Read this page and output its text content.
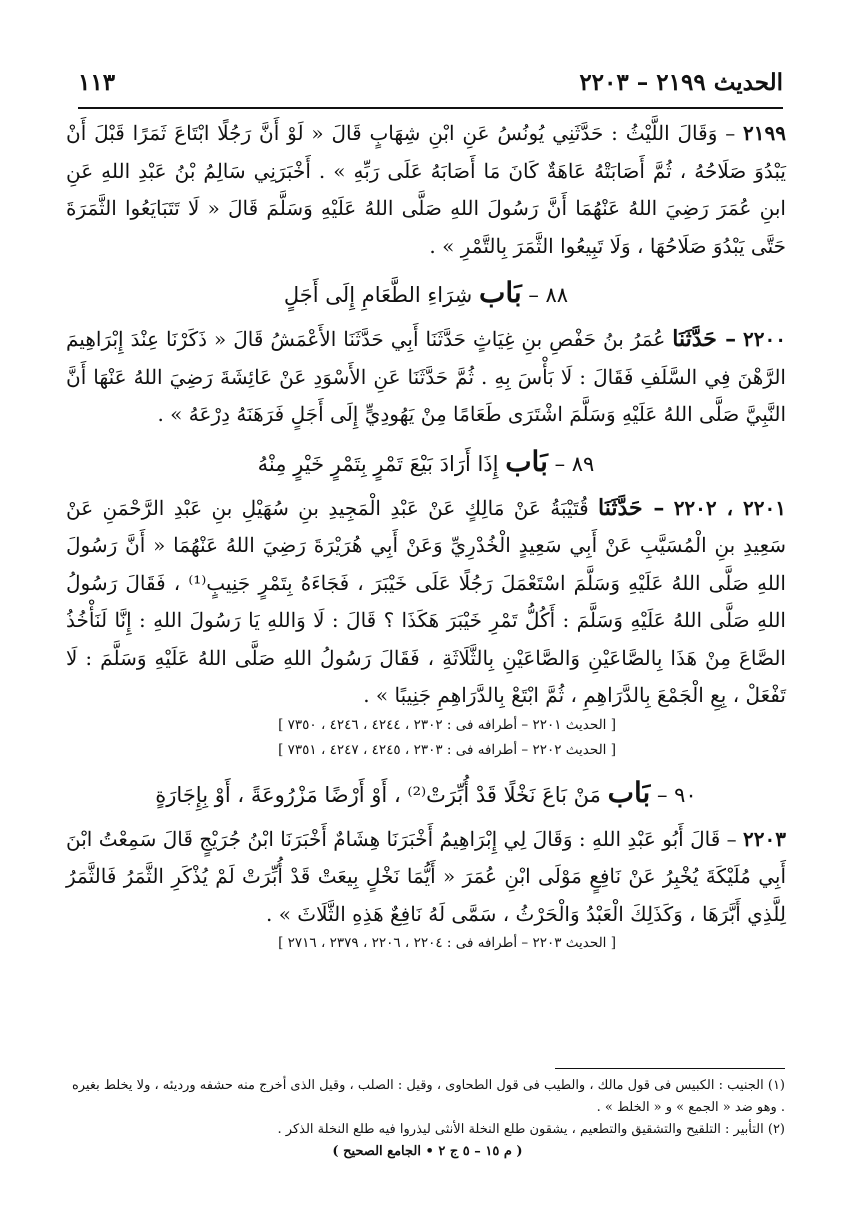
الحديث ٢١٩٩ – ٢٢٠٣
١١٣

٢١٩٩ – وَقَالَ اللَّيْثُ : حَدَّثَنِي يُونُسُ عَنِ ابْنِ شِهَابٍ قَالَ « لَوْ أَنَّ رَجُلًا ابْتَاعَ ثَمَرًا قَبْلَ أَنْ يَبْدُوَ صَلَاحُهُ ، ثُمَّ أَصَابَتْهُ عَاهَةٌ كَانَ مَا أَصَابَهُ عَلَى رَبِّهِ » . أَخْبَرَنِي سَالِمُ بْنُ عَبْدِ اللهِ عَنِ ابنِ عُمَرَ رَضِيَ اللهُ عَنْهُمَا أَنَّ رَسُولَ اللهِ صَلَّى اللهُ عَلَيْهِ وَسَلَّمَ قَالَ « لَا تَتَبَايَعُوا الثَّمَرَةَ حَتَّى يَبْدُوَ صَلَاحُهَا ، وَلَا تَبِيعُوا الثَّمَرَ بِالتَّمْرِ » .

٨٨ – بَاب شِرَاءِ الطَّعَامِ إِلَى أَجَلٍ

٢٢٠٠ – حَدَّثَنَا عُمَرُ بنُ حَفْصِ بنِ غِيَاثٍ حَدَّثَنَا أَبِي حَدَّثَنَا الأَعْمَشُ قَالَ « ذَكَرْنَا عِنْدَ إِبْرَاهِيمَ الرَّهْنَ فِي السَّلَفِ فَقَالَ : لَا بَأْسَ بِهِ . ثُمَّ حَدَّثَنَا عَنِ الأَسْوَدِ عَنْ عَائِشَةَ رَضِيَ اللهُ عَنْهَا أَنَّ النَّبِيَّ صَلَّى اللهُ عَلَيْهِ وَسَلَّمَ اشْتَرَى طَعَامًا مِنْ يَهُودِيٍّ إِلَى أَجَلٍ فَرَهَنَهُ دِرْعَهُ » .

٨٩ – بَاب إِذَا أَرَادَ بَيْعَ تَمْرٍ بِتَمْرٍ خَيْرٍ مِنْهُ

٢٢٠١ ، ٢٢٠٢ – حَدَّثَنَا قُتَيْبَةُ عَنْ مَالِكٍ عَنْ عَبْدِ الْمَجِيدِ بنِ سُهَيْلِ بنِ عَبْدِ الرَّحْمَنِ عَنْ سَعِيدِ بنِ الْمُسَيَّبِ عَنْ أَبِي سَعِيدٍ الْخُدْرِيِّ وَعَنْ أَبِي هُرَيْرَةَ رَضِيَ اللهُ عَنْهُمَا « أَنَّ رَسُولَ اللهِ صَلَّى اللهُ عَلَيْهِ وَسَلَّمَ اسْتَعْمَلَ رَجُلًا عَلَى خَيْبَرَ ، فَجَاءَهُ بِتَمْرٍ جَنِيبٍ⁽¹⁾ ، فَقَالَ رَسُولُ اللهِ صَلَّى اللهُ عَلَيْهِ وَسَلَّمَ : أَكُلُّ تَمْرِ خَيْبَرَ هَكَذَا ؟ قَالَ : لَا وَاللهِ يَا رَسُولَ اللهِ : إِنَّا لَنَأْخُذُ الصَّاعَ مِنْ هَذَا بِالصَّاعَيْنِ وَالصَّاعَيْنِ بِالثَّلَاثَةِ ، فَقَالَ رَسُولُ اللهِ صَلَّى اللهُ عَلَيْهِ وَسَلَّمَ : لَا تَفْعَلْ ، بِعِ الْجَمْعَ بِالدَّرَاهِمِ ، ثُمَّ ابْتَعْ بِالدَّرَاهِمِ جَنِيبًا » .

[ الحديث ٢٢٠١ – أطرافه فى : ٢٣٠٢ ، ٤٢٤٤ ، ٤٢٤٦ ، ٧٣٥٠ ]

[ الحديث ٢٢٠٢ – أطرافه فى : ٢٣٠٣ ، ٤٢٤٥ ، ٤٢٤٧ ، ٧٣٥١ ]

٩٠ – بَاب مَنْ بَاعَ نَخْلًا قَدْ أُبِّرَتْ⁽²⁾ ، أَوْ أَرْضًا مَزْرُوعَةً ، أَوْ بِإِجَارَةٍ

٢٢٠٣ – قَالَ أَبُو عَبْدِ اللهِ : وَقَالَ لِي إِبْرَاهِيمُ أَخْبَرَنَا هِشَامٌ أَخْبَرَنَا ابْنُ جُرَيْجٍ قَالَ سَمِعْتُ ابْنَ أَبِي مُلَيْكَةَ يُخْبِرُ عَنْ نَافِعٍ مَوْلَى ابْنِ عُمَرَ « أَيُّمَا نَخْلٍ بِيعَتْ قَدْ أُبِّرَتْ لَمْ يُذْكَرِ الثَّمَرُ فَالثَّمَرُ لِلَّذِي أَبَّرَهَا ، وَكَذَلِكَ الْعَبْدُ وَالْحَرْثُ ، سَمَّى لَهُ نَافِعٌ هَذِهِ الثَّلَاثَ » .

[ الحديث ٢٢٠٣ – أطرافه فى : ٢٢٠٤ ، ٢٢٠٦ ، ٢٣٧٩ ، ٢٧١٦ ]

(١) الجنيب : الكبيس فى قول مالك ، والطيب فى قول الطحاوى ، وقيل : الصلب ، وقيل الذى أخرج منه حشفه ورديئه ، ولا يخلط بغيره . وهو ضد « الجمع » و « الخلط » .

(٢) التأبير : التلقيح والتشقيق والتطعيم ، يشقون طلع النخلة الأنثى ليذروا فيه طلع النخلة الذكر .

( م ١٥ – ٥ ج ٢ • الجامع الصحيح )
